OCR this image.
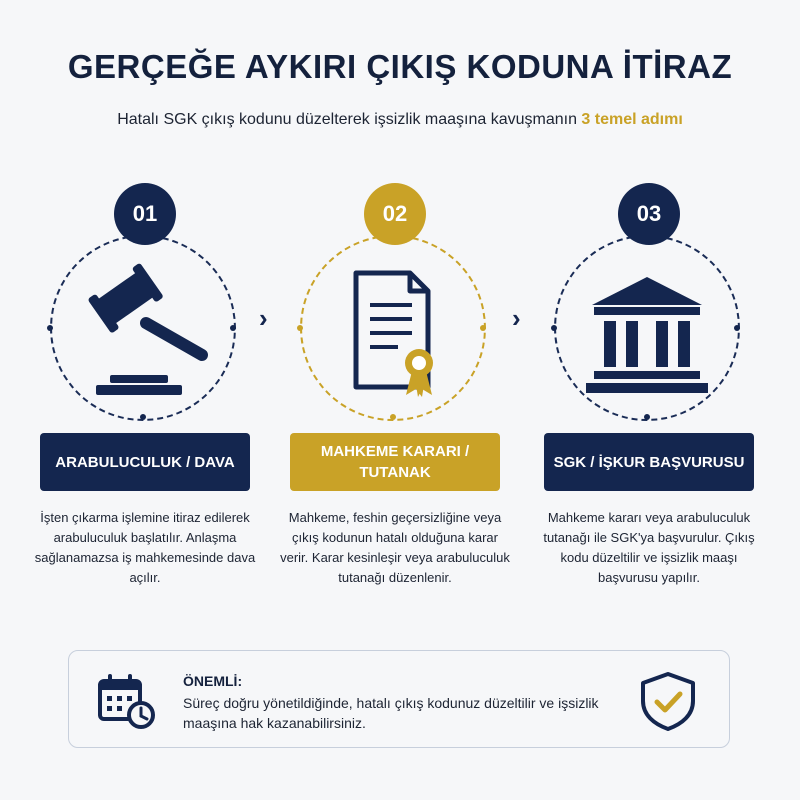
GERÇEĞE AYKIRI ÇIKIŞ KODUNA İTİRAZ
Hatalı SGK çıkış kodunu düzelterek işsizlik maaşına kavuşmanın 3 temel adımı
01
ARABULUCULUK / DAVA
İşten çıkarma işlemine itiraz edilerek arabuluculuk başlatılır. Anlaşma sağlanamazsa iş mahkemesinde dava açılır.
›
02
MAHKEME KARARI / TUTANAK
Mahkeme, feshin geçersizliğine veya çıkış kodunun hatalı olduğuna karar verir. Karar kesinleşir veya arabuluculuk tutanağı düzenlenir.
›
03
SGK / İŞKUR BAŞVURUSU
Mahkeme kararı veya arabuluculuk tutanağı ile SGK'ya başvurulur. Çıkış kodu düzeltilir ve işsizlik maaşı başvurusu yapılır.
ÖNEMLİ:
Süreç doğru yönetildiğinde, hatalı çıkış kodunuz düzeltilir ve işsizlik maaşına hak kazanabilirsiniz.
